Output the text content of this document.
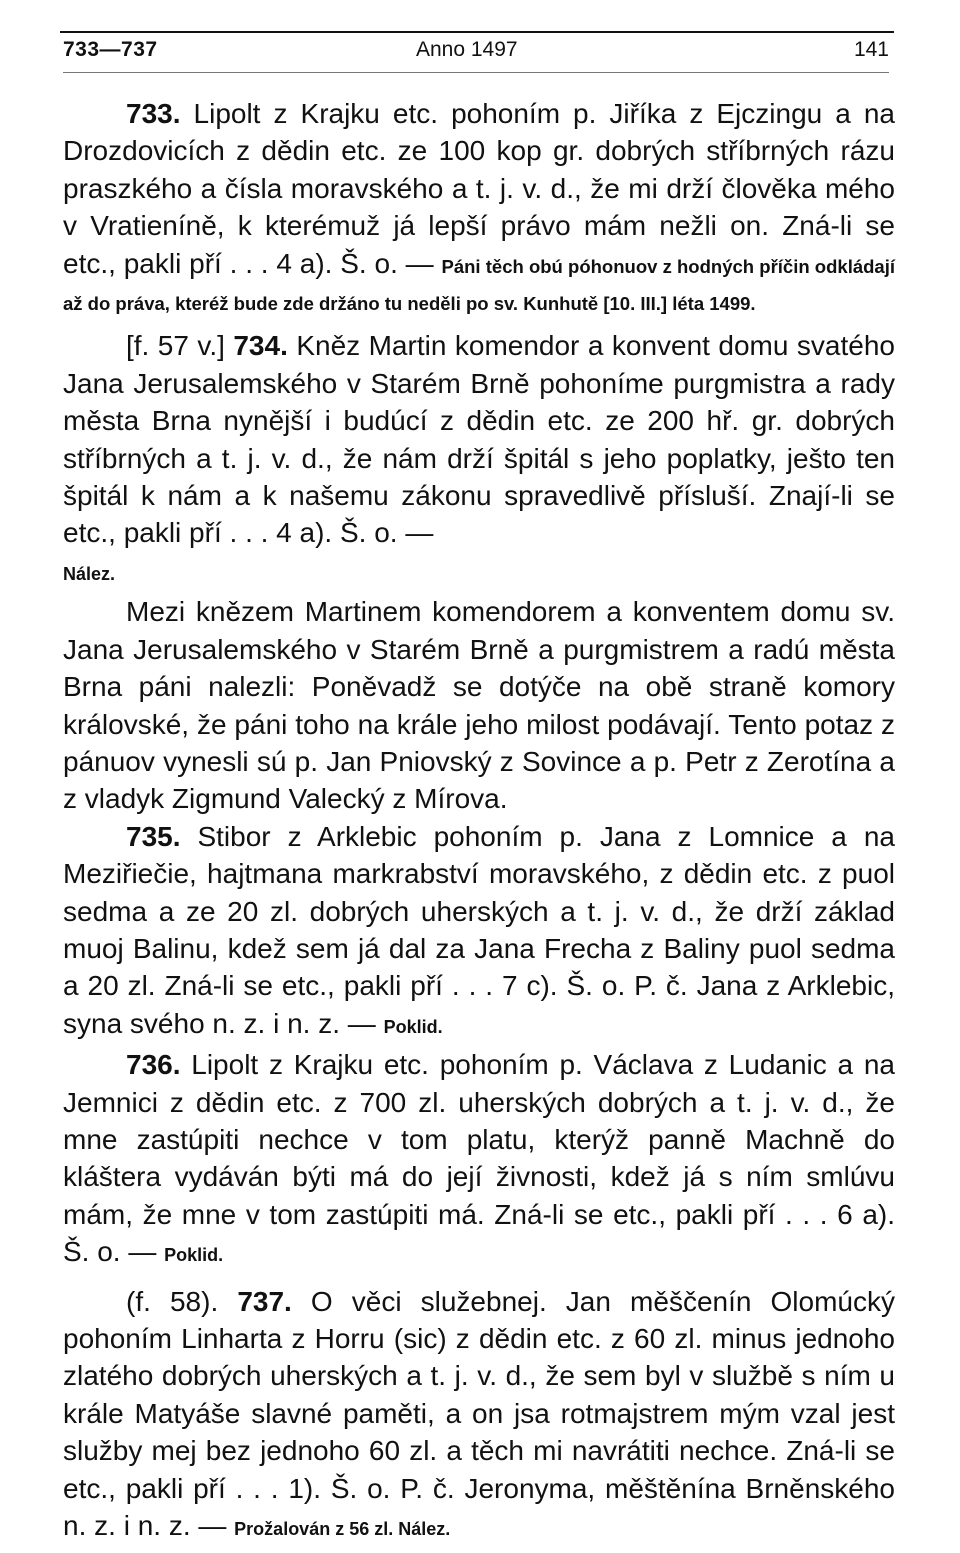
733—737	Anno 1497	141

733. Lipolt z Krajku etc. pohoním p. Jiříka z Ejczingu a na Drozdovicích z dědin etc. ze 100 kop gr. dobrých stříbrných rázu praszkého a čísla moravského a t. j. v. d., že mi drží člověka mého v Vratieníně, k kterémuž já lepší právo mám nežli on. Zná-li se etc., pakli pří . . . 4 a). Š. o. — Páni těch obú póhonuov z hodných příčin odkládají až do práva, kteréž bude zde držáno tu neděli po sv. Kunhutě [10. III.] léta 1499.

[f. 57 v.] 734. Kněz Martin komendor a konvent domu svatého Jana Jerusalemského v Starém Brně pohoníme purgmistra a rady města Brna nynější i budúcí z dědin etc. ze 200 hř. gr. dobrých stříbrných a t. j. v. d., že nám drží špitál s jeho poplatky, ješto ten špitál k nám a k našemu zákonu spravedlivě přísluší. Znají-li se etc., pakli pří . . . 4 a). Š. o. —

Nález.

Mezi knězem Martinem komendorem a konventem domu sv. Jana Jerusalemského v Starém Brně a purgmistrem a radú města Brna páni nalezli: Poněvadž se dotýče na obě straně komory královské, že páni toho na krále jeho milost podávají. Tento potaz z pánuov vynesli sú p. Jan Pniovský z Sovince a p. Petr z Zerotína a z vladyk Zigmund Valecký z Mírova.

735. Stibor z Arklebic pohoním p. Jana z Lomnice a na Meziřiečie, hajtmana markrabství moravského, z dědin etc. z puol sedma a ze 20 zl. dobrých uherských a t. j. v. d., že drží základ muoj Balinu, kdež sem já dal za Jana Frecha z Baliny puol sedma a 20 zl. Zná-li se etc., pakli pří . . . 7 c). Š. o. P. č. Jana z Arklebic, syna svého n. z. i n. z. — Poklid.

736. Lipolt z Krajku etc. pohoním p. Václava z Ludanic a na Jemnici z dědin etc. z 700 zl. uherských dobrých a t. j. v. d., že mne zastúpiti nechce v tom platu, kterýž panně Machně do kláštera vydáván býti má do její živnosti, kdež já s ním smlúvu mám, že mne v tom zastúpiti má. Zná-li se etc., pakli pří . . . 6 a). Š. o. — Poklid.

(f. 58). 737. O věci služebnej. Jan měščenín Olomúcký pohoním Linharta z Horru (sic) z dědin etc. z 60 zl. minus jednoho zlatého dobrých uherských a t. j. v. d., že sem byl v službě s ním u krále Matyáše slavné paměti, a on jsa rotmajstrem mým vzal jest služby mej bez jednoho 60 zl. a těch mi navrátiti nechce. Zná-li se etc., pakli pří . . . 1). Š. o. P. č. Jeronyma, měštěnína Brněnského n. z. i n. z. — Prožalován z 56 zl. Nález.
